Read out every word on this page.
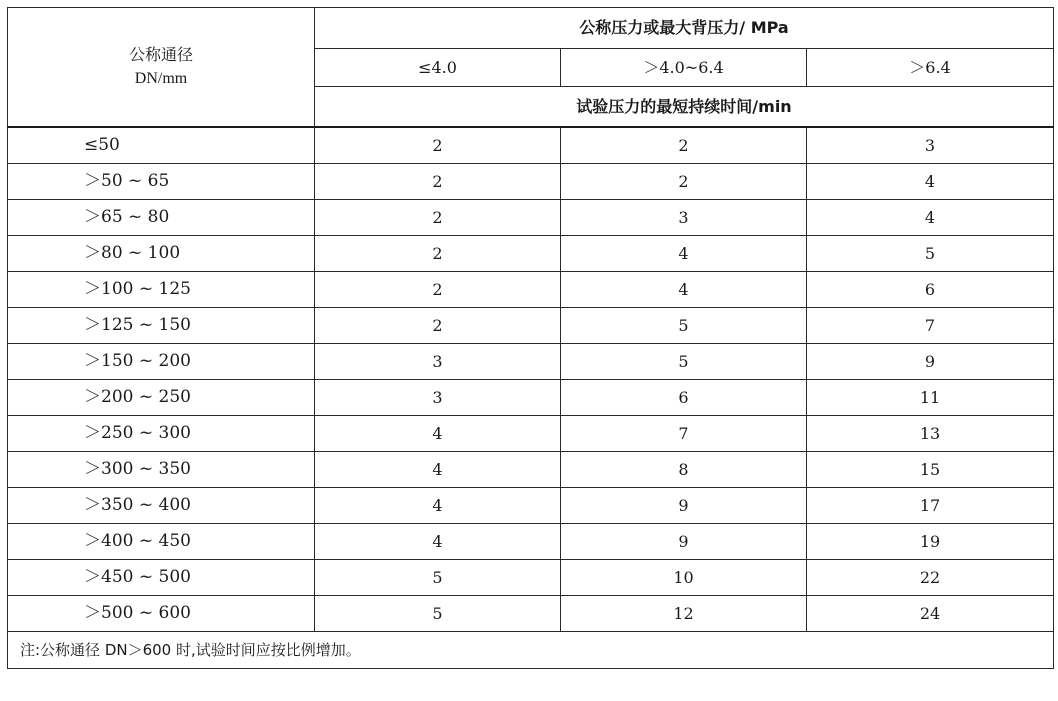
公称通径
DN/mm	公称压力或最大背压力/ MPa		
	≤4.0	＞4.0~6.4	＞6.4
	试验压力的最短持续时间/min		
≤50	2	2	3
＞50 ~ 65	2	2	4
＞65 ~ 80	2	3	4
＞80 ~ 100	2	4	5
＞100 ~ 125	2	4	6
＞125 ~ 150	2	5	7
＞150 ~ 200	3	5	9
＞200 ~ 250	3	6	11
＞250 ~ 300	4	7	13
＞300 ~ 350	4	8	15
＞350 ~ 400	4	9	17
＞400 ~ 450	4	9	19
＞450 ~ 500	5	10	22
＞500 ~ 600	5	12	24
注:公称通径 DN＞600 时,试验时间应按比例增加。			
